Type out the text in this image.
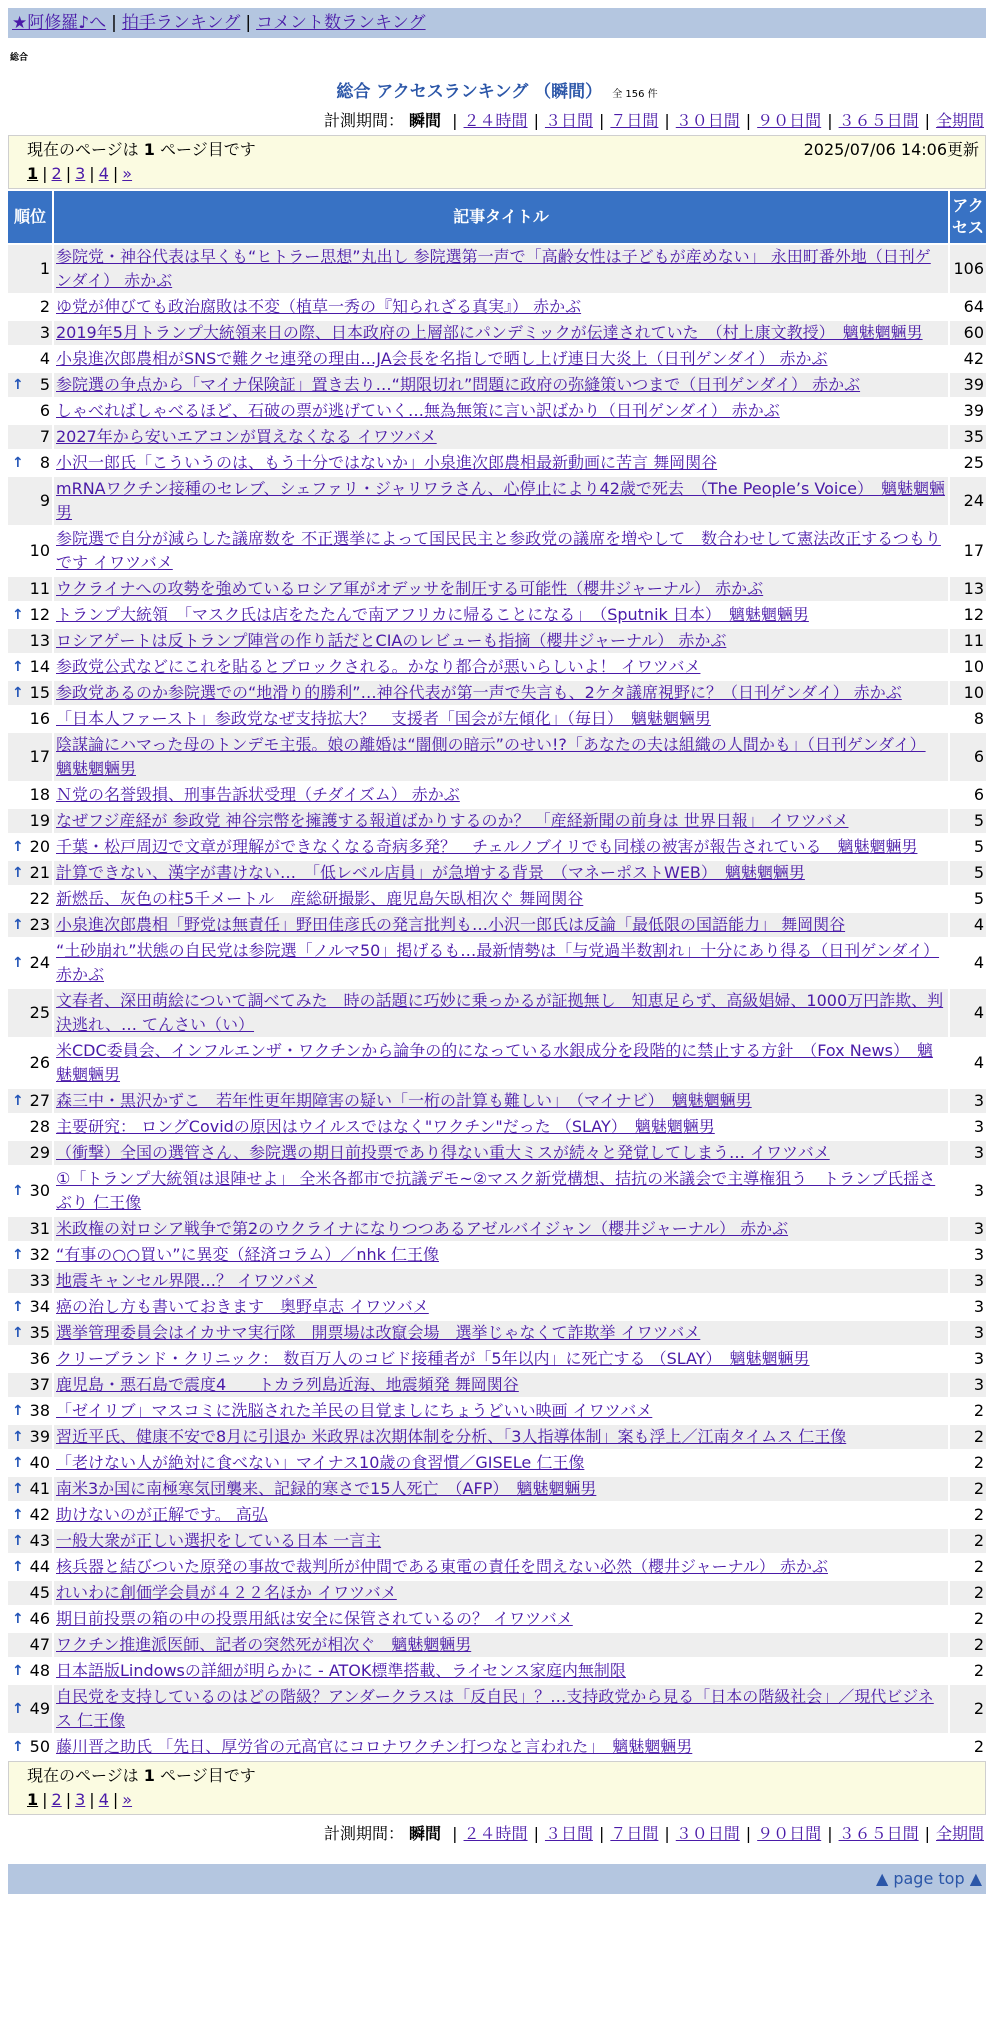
★阿修羅♪へ | 拍手ランキング | コメント数ランキング
総合
総合 アクセスランキング （瞬間） 全 156 件
計測期間： 瞬間 | ２４時間 | ３日間 | ７日間 | ３０日間 | ９０日間 | ３６５日間 | 全期間
現在のページは 1 ページ目です	2025/07/06 14:06更新
1 | 2 | 3 | 4 | »
順位	記事タイトル	アクセス
1	参院党・神谷代表は早くも“ヒトラー思想”丸出し 参院選第一声で「高齢女性は子どもが産めない」 永田町番外地（日刊ゲンダイ） 赤かぶ	106
2	ゆ党が伸びても政治腐敗は不変（植草一秀の『知られざる真実』） 赤かぶ	64
3	2019年5月トランプ大統領来日の際、日本政府の上層部にパンデミックが伝達されていた　（村上康文教授）　魑魅魍魎男	60
4	小泉進次郎農相がSNSで難クセ連発の理由…JA会長を名指しで晒し上げ連日大炎上（日刊ゲンダイ） 赤かぶ	42

↑ 5	参院選の争点から「マイナ保険証」置き去り…“期限切れ”問題に政府の弥縫策いつまで（日刊ゲンダイ） 赤かぶ	39
6	しゃべればしゃべるほど、石破の票が逃げていく…無為無策に言い訳ばかり（日刊ゲンダイ） 赤かぶ	39
7	2027年から安いエアコンが買えなくなる イワツバメ	35

↑ 8	小沢一郎氏「こういうのは、もう十分ではないか」小泉進次郎農相最新動画に苦言 舞岡関谷	25
9	mRNAワクチン接種のセレブ、シェファリ・ジャリワラさん、心停止により42歳で死去　（The People’s Voice）　魑魅魍魎男	24
10	参院選で自分が減らした議席数を 不正選挙によって国民民主と参政党の議席を増やして　数合わせして憲法改正するつもりです イワツバメ	17
11	ウクライナへの攻勢を強めているロシア軍がオデッサを制圧する可能性（櫻井ジャーナル） 赤かぶ	13

↑ 12	トランプ大統領　「マスク氏は店をたたんで南アフリカに帰ることになる」　（Sputnik 日本）　魑魅魍魎男	12
13	ロシアゲートは反トランプ陣営の作り話だとCIAのレビューも指摘（櫻井ジャーナル） 赤かぶ	11

↑ 14	参政党公式などにこれを貼るとブロックされる。かなり都合が悪いらしいよ！ イワツバメ	10

↑ 15	参政党あるのか参院選での“地滑り的勝利”…神谷代表が第一声で失言も、2ケタ議席視野に？（日刊ゲンダイ） 赤かぶ	10
16	「日本人ファースト」参政党なぜ支持拡大？　支援者「国会が左傾化」（毎日）　魑魅魍魎男	8
17	陰謀論にハマった母のトンデモ主張。娘の離婚は“闇側の暗示”のせい!?「あなたの夫は組織の人間かも」（日刊ゲンダイ） 魑魅魍魎男	6
18	Ｎ党の名誉毀損、刑事告訴状受理（チダイズム） 赤かぶ	6
19	なぜフジ産経が 参政党 神谷宗幣を擁護する報道ばかりするのか？ 「産経新聞の前身は 世界日報」 イワツバメ	5

↑ 20	千葉・松戸周辺で文章が理解ができなくなる奇病多発？　チェルノブイリでも同様の被害が報告されている　魑魅魍魎男	5

↑ 21	計算できない、漢字が書けない…　「低レベル店員」が急増する背景　（マネーポストWEB）　魑魅魍魎男	5
22	新燃岳、灰色の柱5千メートル　産総研撮影、鹿児島矢臥相次ぐ 舞岡関谷	5

↑ 23	小泉進次郎農相「野党は無責任」野田佳彦氏の発言批判も…小沢一郎氏は反論「最低限の国語能力」 舞岡関谷	4

↑ 24	“土砂崩れ”状態の自民党は参院選「ノルマ50」掲げるも…最新情勢は「与党過半数割れ」十分にあり得る（日刊ゲンダイ） 赤かぶ	4
25	文春者、深田萌絵について調べてみた　時の話題に巧妙に乗っかるが証拠無し　知恵足らず、高級娼婦、1000万円詐欺、判決逃れ、… てんさい（い）	4
26	米CDC委員会、インフルエンザ・ワクチンから論争の的になっている水銀成分を段階的に禁止する方針　（Fox News）　魑魅魍魎男	4

↑ 27	森三中・黒沢かずこ　若年性更年期障害の疑い「一桁の計算も難しい」　（マイナビ）　魑魅魍魎男	3
28	主要研究： ロングCovidの原因はウイルスではなく"ワクチン"だった （SLAY）　魑魅魍魎男	3
29	（衝撃）全国の選管さん、参院選の期日前投票であり得ない重大ミスが続々と発覚してしまう… イワツバメ	3

↑ 30	①「トランプ大統領は退陣せよ」 全米各都市で抗議デモ~②マスク新党構想、拮抗の米議会で主導権狙う　トランプ氏揺さぶり 仁王像	3
31	米政権の対ロシア戦争で第2のウクライナになりつつあるアゼルバイジャン（櫻井ジャーナル） 赤かぶ	3

↑ 32	“有事の○○買い”に異変（経済コラム）／nhk 仁王像	3
33	地震キャンセル界隈…？ イワツバメ	3

↑ 34	癌の治し方も書いておきます　奥野卓志 イワツバメ	3

↑ 35	選挙管理委員会はイカサマ実行隊　開票場は改竄会場　選挙じゃなくて詐欺挙 イワツバメ	3
36	クリーブランド・クリニック： 数百万人のコビド接種者が「5年以内」に死亡する （SLAY）　魑魅魍魎男	3
37	鹿児島・悪石島で震度4　　トカラ列島近海、地震頻発 舞岡関谷	3

↑ 38	「ゼイリブ」マスコミに洗脳された羊民の目覚ましにちょうどいい映画 イワツバメ	2

↑ 39	習近平氏、健康不安で8月に引退か 米政界は次期体制を分析、「3人指導体制」案も浮上／江南タイムス 仁王像	2

↑ 40	「老けない人が絶対に食べない」マイナス10歳の食習慣／GISELe 仁王像	2

↑ 41	南米3か国に南極寒気団襲来、記録的寒さで15人死亡　（AFP）　魑魅魍魎男	2

↑ 42	助けないのが正解です。 高弘	2

↑ 43	一般大衆が正しい選択をしている日本 一言主	2

↑ 44	核兵器と結びついた原発の事故で裁判所が仲間である東電の責任を問えない必然（櫻井ジャーナル） 赤かぶ	2
45	れいわに創価学会員が４２２名ほか イワツバメ	2

↑ 46	期日前投票の箱の中の投票用紙は安全に保管されているの？ イワツバメ	2
47	ワクチン推進派医師、記者の突然死が相次ぐ　魑魅魍魎男	2

↑ 48	日本語版Lindowsの詳細が明らかに - ATOK標準搭載、ライセンス家庭内無制限	2

↑ 49	自民党を支持しているのはどの階級？アンダークラスは「反自民」？…支持政党から見る「日本の階級社会」／現代ビジネス 仁王像	2

↑ 50	藤川晋之助氏 「先日、厚労省の元高官にコロナワクチン打つなと言われた」　魑魅魍魎男	2
現在のページは 1 ページ目です
1 | 2 | 3 | 4 | »
計測期間： 瞬間 | ２４時間 | ３日間 | ７日間 | ３０日間 | ９０日間 | ３６５日間 | 全期間
▲ page top ▲
